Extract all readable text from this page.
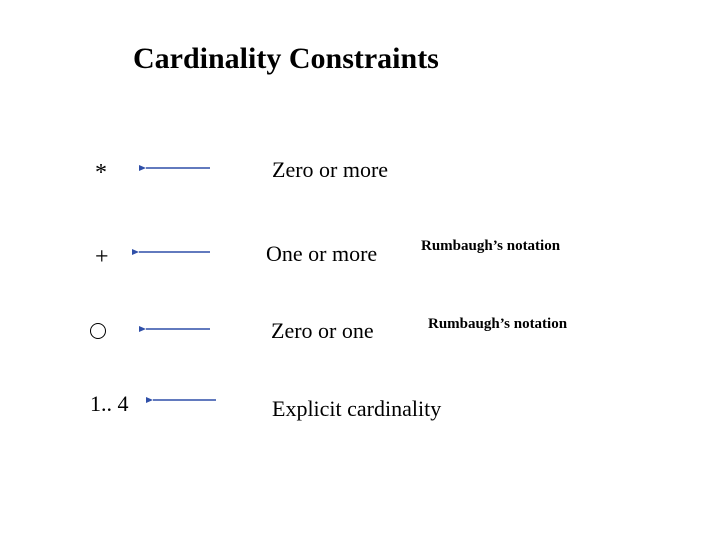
Cardinality Constraints
*
+
1.. 4
Zero or more
One or more
Zero or one
Explicit cardinality
Rumbaugh’s notation
Rumbaugh’s notation
